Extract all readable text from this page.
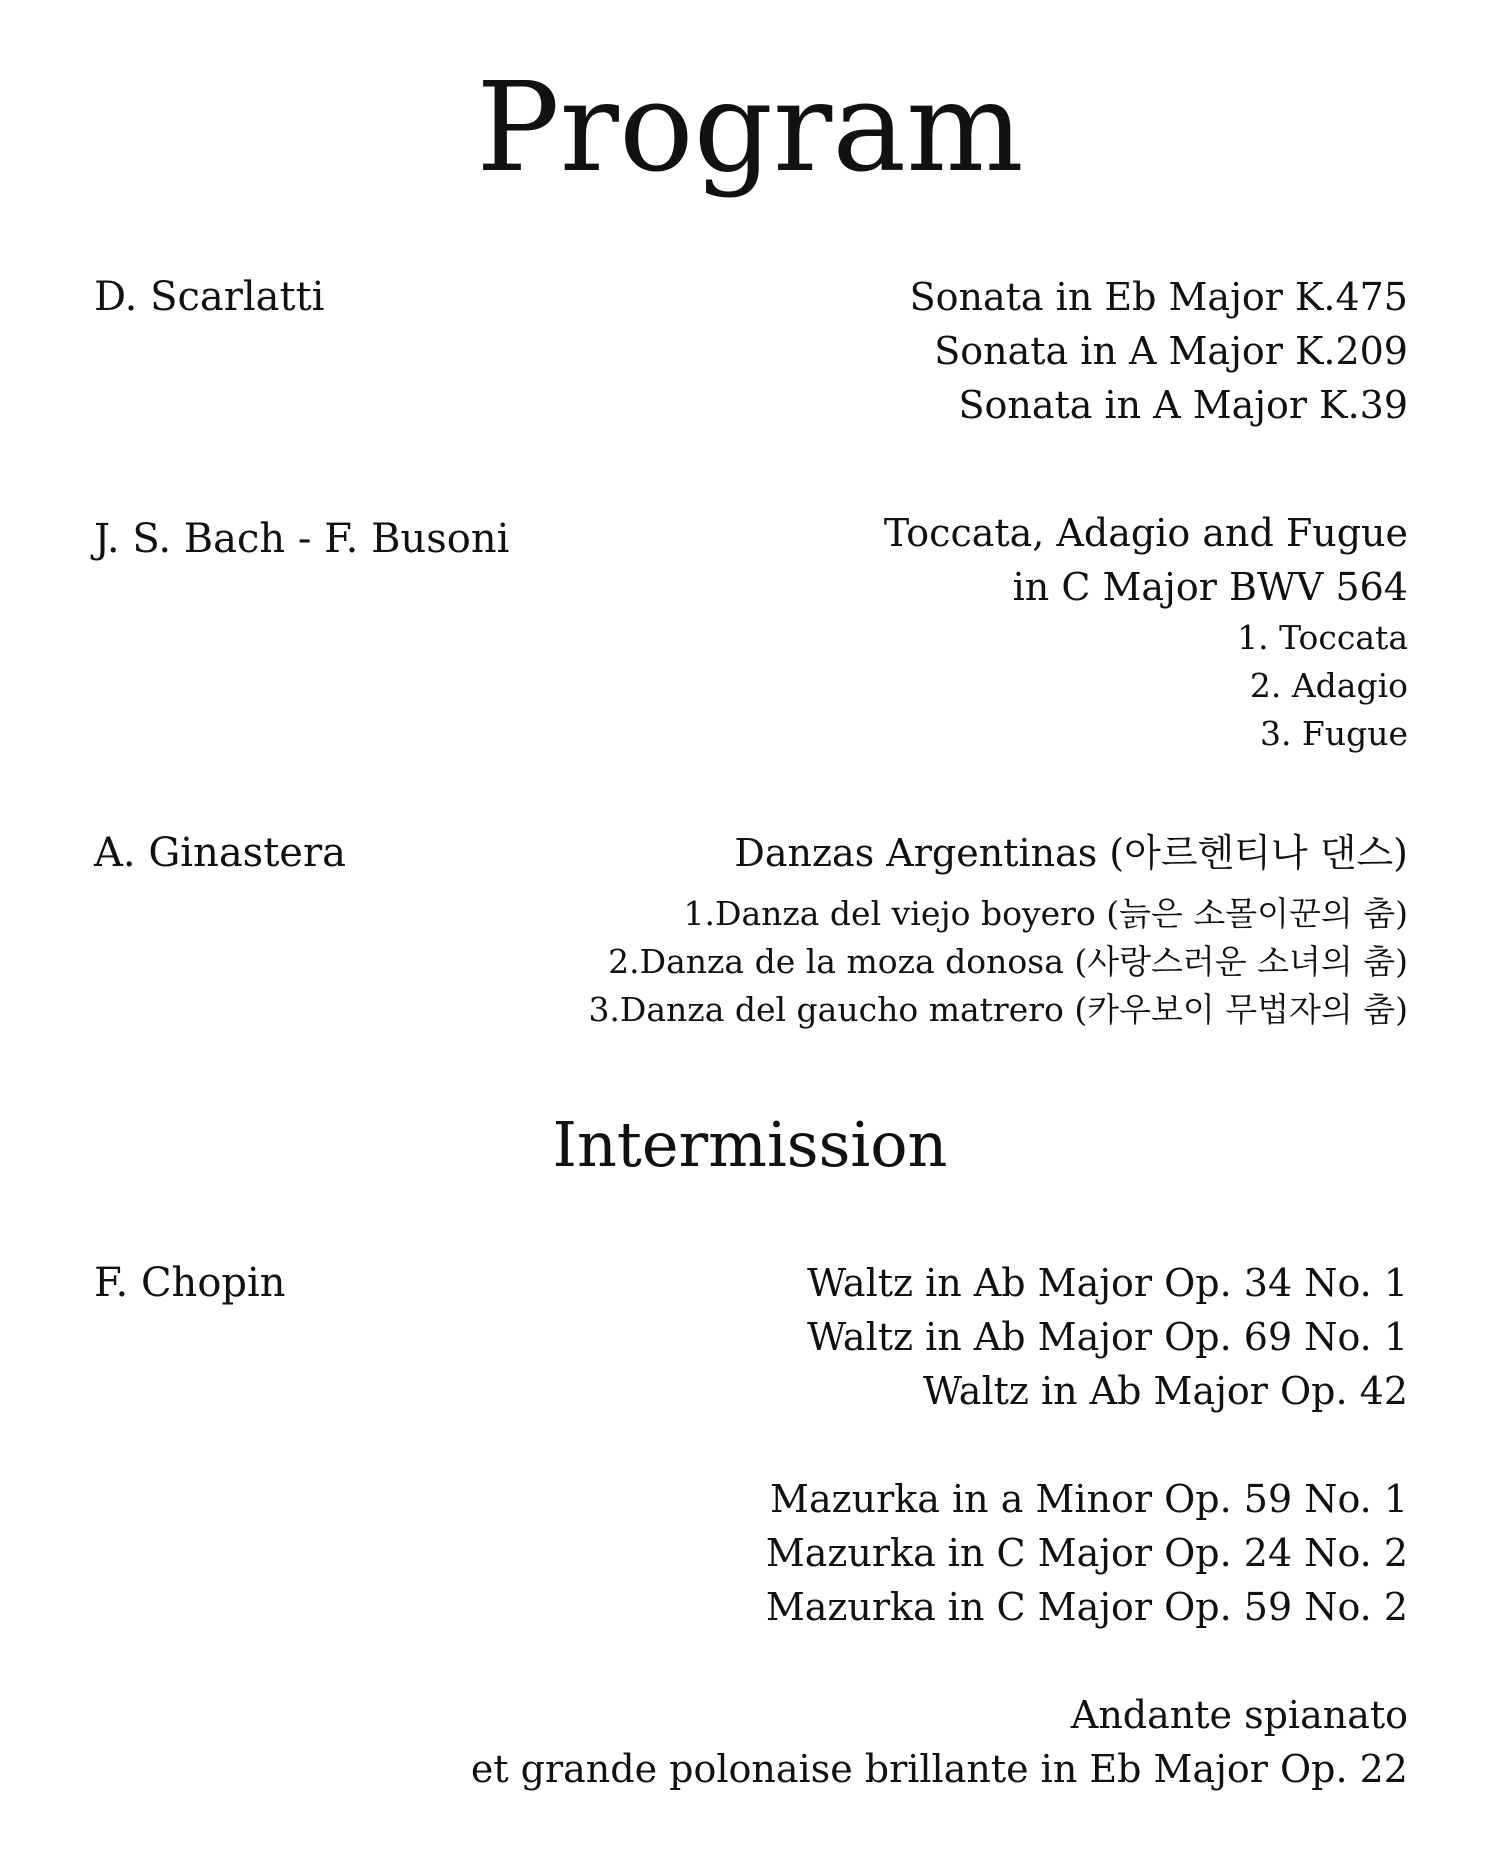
Program
D. Scarlatti	Sonata in Eb Major K.475
Sonata in A Major K.209
Sonata in A Major K.39
J. S. Bach - F. Busoni	Toccata, Adagio and Fugue
in C Major BWV 564
1. Toccata
2. Adagio
3. Fugue
A. Ginastera	Danzas Argentinas (아르헨티나 댄스)
1.Danza del viejo boyero (늙은 소몰이꾼의 춤)
2.Danza de la moza donosa (사랑스러운 소녀의 춤)
3.Danza del gaucho matrero (카우보이 무법자의 춤)
Intermission
F. Chopin	Waltz in Ab Major Op. 34 No. 1
Waltz in Ab Major Op. 69 No. 1
Waltz in Ab Major Op. 42
Mazurka in a Minor Op. 59 No. 1
Mazurka in C Major Op. 24 No. 2
Mazurka in C Major Op. 59 No. 2
Andante spianato
et grande polonaise brillante in Eb Major Op. 22
